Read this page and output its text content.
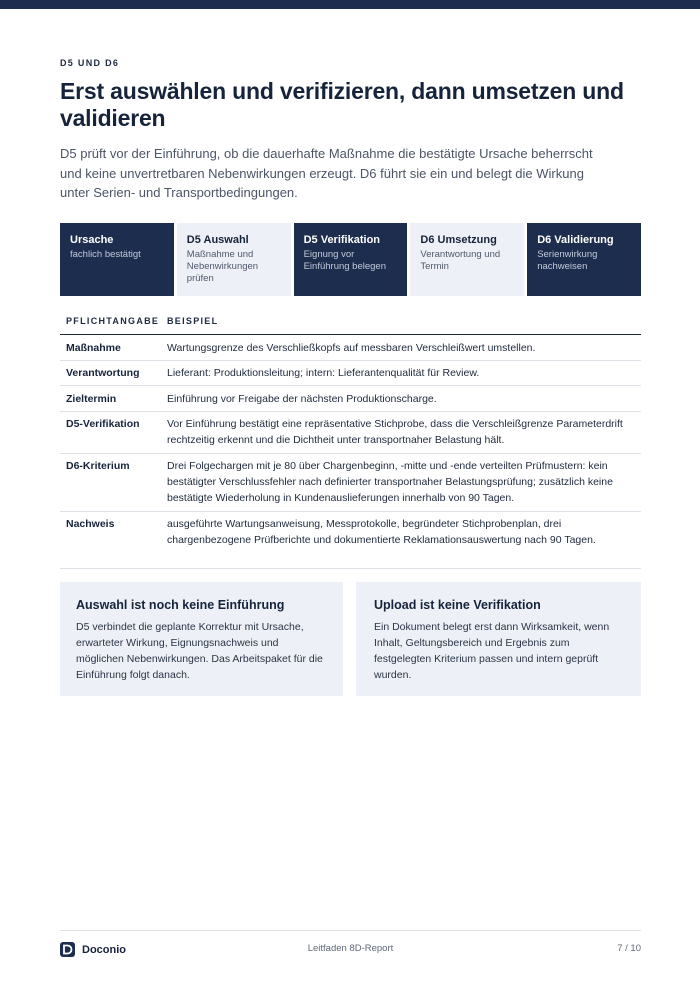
D5 UND D6
Erst auswählen und verifizieren, dann umsetzen und validieren

D5 prüft vor der Einführung, ob die dauerhafte Maßnahme die bestätigte Ursache beherrscht und keine unvertretbaren Nebenwirkungen erzeugt. D6 führt sie ein und belegt die Wirkung unter Serien- und Transportbedingungen.

Ursache
fachlich bestätigt
D5 Auswahl
Maßnahme und Nebenwirkungen prüfen
D5 Verifikation
Eignung vor Einführung belegen
D6 Umsetzung
Verantwortung und Termin
D6 Validierung
Serienwirkung nachweisen
PFLICHTANGABE BEISPIEL
Maßnahme	Wartungsgrenze des Verschließkopfs auf messbaren Verschleißwert umstellen.
Verantwortung	Lieferant: Produktionsleitung; intern: Lieferantenqualität für Review.
Zieltermin	Einführung vor Freigabe der nächsten Produktionscharge.
D5-Verifikation	Vor Einführung bestätigt eine repräsentative Stichprobe, dass die Verschleißgrenze Parameterdrift rechtzeitig erkennt und die Dichtheit unter transportnaher Belastung hält.
D6-Kriterium	Drei Folgechargen mit je 80 über Chargenbeginn, -mitte und -ende verteilten Prüfmustern: kein bestätigter Verschlussfehler nach definierter transportnaher Belastungsprüfung; zusätzlich keine bestätigte Wiederholung in Kundenauslieferungen innerhalb von 90 Tagen.
Nachweis	ausgeführte Wartungsanweisung, Messprotokolle, begründeter Stichprobenplan, drei chargenbezogene Prüfberichte und dokumentierte Reklamationsauswertung nach 90 Tagen.
Auswahl ist noch keine Einführung
D5 verbindet die geplante Korrektur mit Ursache, erwarteter Wirkung, Eignungsnachweis und möglichen Nebenwirkungen. Das Arbeitspaket für die Einführung folgt danach.
Upload ist keine Verifikation
Ein Dokument belegt erst dann Wirksamkeit, wenn Inhalt, Geltungsbereich und Ergebnis zum festgelegten Kriterium passen und intern geprüft wurden.
Doconio	Leitfaden 8D-Report	7 / 10
